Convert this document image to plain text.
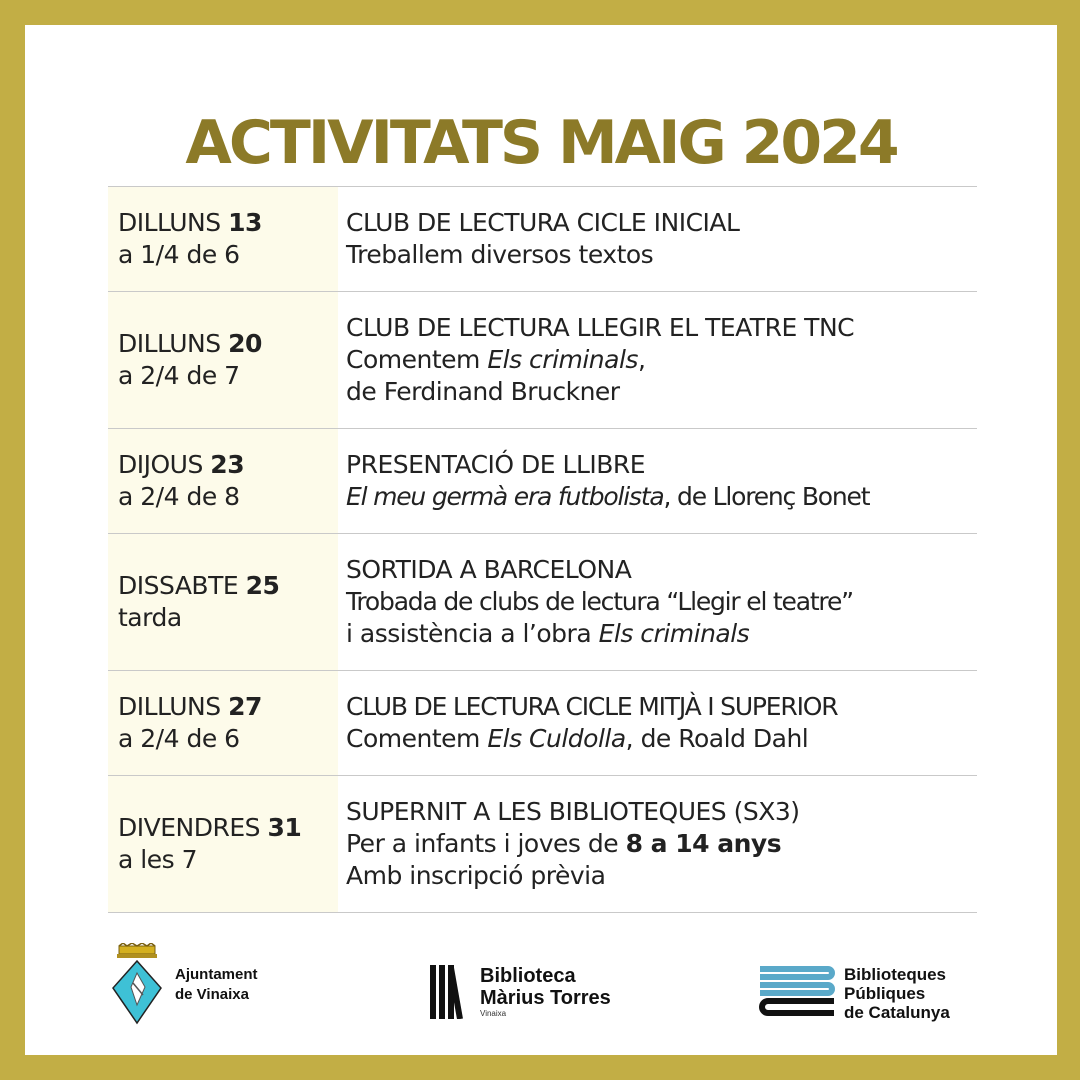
ACTIVITATS MAIG 2024
DILLUNS 13
a 1/4 de 6
CLUB DE LECTURA CICLE INICIAL
Treballem diversos textos
DILLUNS 20
a 2/4 de 7
CLUB DE LECTURA LLEGIR EL TEATRE TNC
Comentem Els criminals,
de Ferdinand Bruckner
DIJOUS 23
a 2/4 de 8
PRESENTACIÓ DE LLIBRE
El meu germà era futbolista, de Llorenç Bonet
DISSABTE 25
tarda
SORTIDA A BARCELONA
Trobada de clubs de lectura “Llegir el teatre”
i assistència a l’obra Els criminals
DILLUNS 27
a 2/4 de 6
CLUB DE LECTURA CICLE MITJÀ I SUPERIOR
Comentem Els Culdolla, de Roald Dahl
DIVENDRES 31
a les 7
SUPERNIT A LES BIBLIOTEQUES (SX3)
Per a infants i joves de 8 a 14 anys
Amb inscripció prèvia
Ajuntament
de Vinaixa
Biblioteca
Màrius Torres
Vinaixa
Biblioteques
Públiques
de Catalunya
